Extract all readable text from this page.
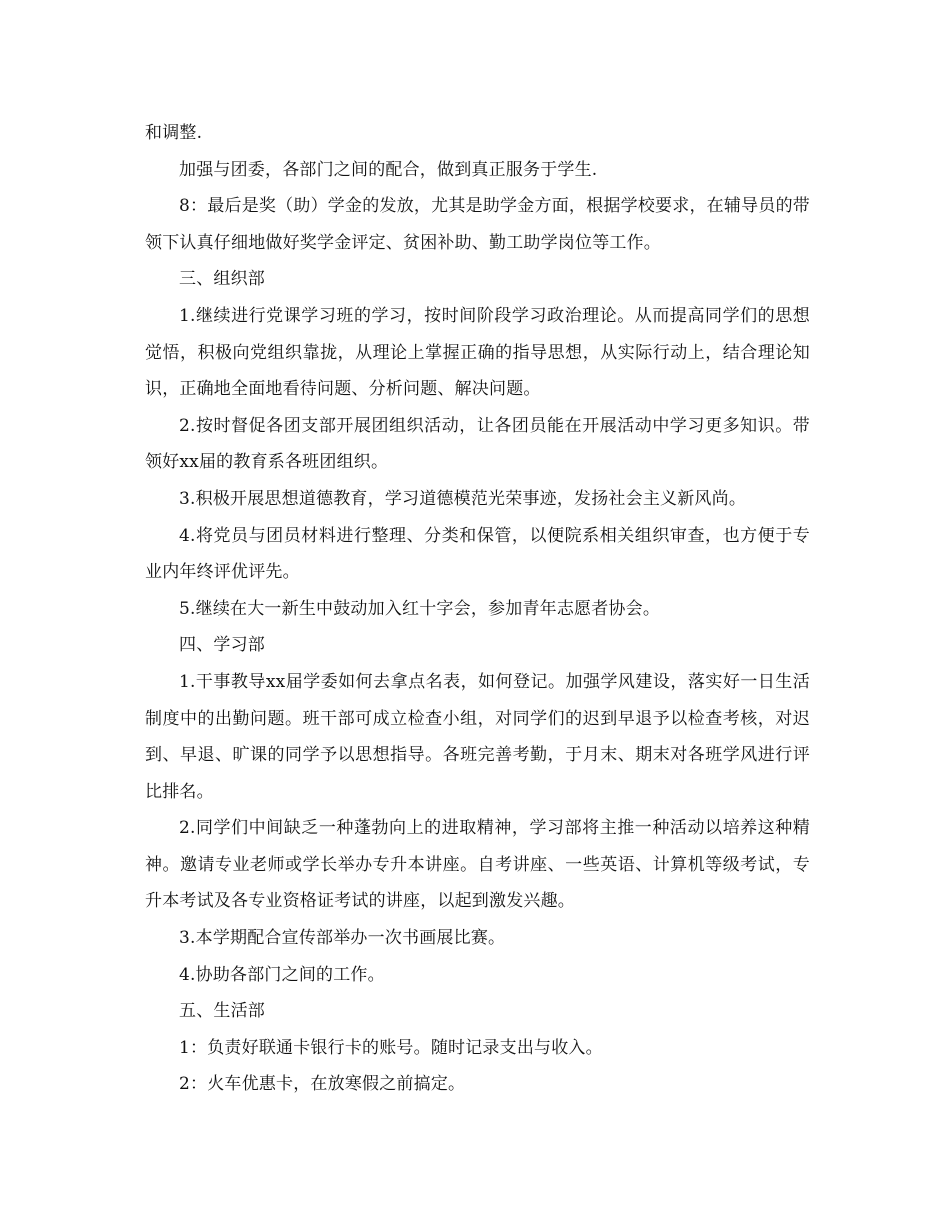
和调整.

加强与团委，各部门之间的配合，做到真正服务于学生.

8：最后是奖（助）学金的发放，尤其是助学金方面，根据学校要求，在辅导员的带领下认真仔细地做好奖学金评定、贫困补助、勤工助学岗位等工作。

三、组织部

1.继续进行党课学习班的学习，按时间阶段学习政治理论。从而提高同学们的思想觉悟，积极向党组织靠拢，从理论上掌握正确的指导思想，从实际行动上，结合理论知识，正确地全面地看待问题、分析问题、解决问题。

2.按时督促各团支部开展团组织活动，让各团员能在开展活动中学习更多知识。带领好xx届的教育系各班团组织。

3.积极开展思想道德教育，学习道德模范光荣事迹，发扬社会主义新风尚。

4.将党员与团员材料进行整理、分类和保管，以便院系相关组织审查，也方便于专业内年终评优评先。

5.继续在大一新生中鼓动加入红十字会，参加青年志愿者协会。

四、学习部

1.干事教导xx届学委如何去拿点名表，如何登记。加强学风建设，落实好一日生活制度中的出勤问题。班干部可成立检查小组，对同学们的迟到早退予以检查考核，对迟到、早退、旷课的同学予以思想指导。各班完善考勤，于月末、期末对各班学风进行评比排名。

2.同学们中间缺乏一种蓬勃向上的进取精神，学习部将主推一种活动以培养这种精神。邀请专业老师或学长举办专升本讲座。自考讲座、一些英语、计算机等级考试，专升本考试及各专业资格证考试的讲座，以起到激发兴趣。

3.本学期配合宣传部举办一次书画展比赛。

4.协助各部门之间的工作。

五、生活部

1：负责好联通卡银行卡的账号。随时记录支出与收入。

2：火车优惠卡，在放寒假之前搞定。
